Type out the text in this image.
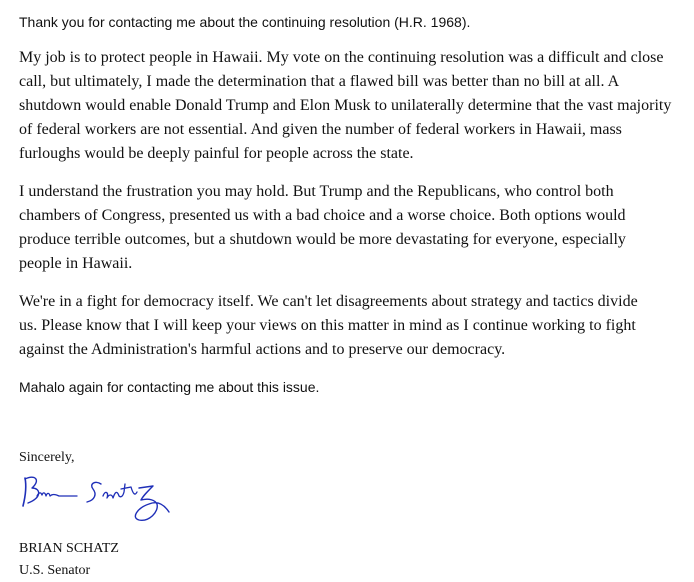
Thank you for contacting me about the continuing resolution (H.R. 1968).

My job is to protect people in Hawaii. My vote on the continuing resolution was a difficult and close call, but ultimately, I made the determination that a flawed bill was better than no bill at all. A shutdown would enable Donald Trump and Elon Musk to unilaterally determine that the vast majority of federal workers are not essential. And given the number of federal workers in Hawaii, mass furloughs would be deeply painful for people across the state.

I understand the frustration you may hold. But Trump and the Republicans, who control both chambers of Congress, presented us with a bad choice and a worse choice. Both options would produce terrible outcomes, but a shutdown would be more devastating for everyone, especially people in Hawaii.

We're in a fight for democracy itself. We can't let disagreements about strategy and tactics divide us. Please know that I will keep your views on this matter in mind as I continue working to fight against the Administration's harmful actions and to preserve our democracy.

Mahalo again for contacting me about this issue.

Sincerely,

BRIAN SCHATZ

U.S. Senator
